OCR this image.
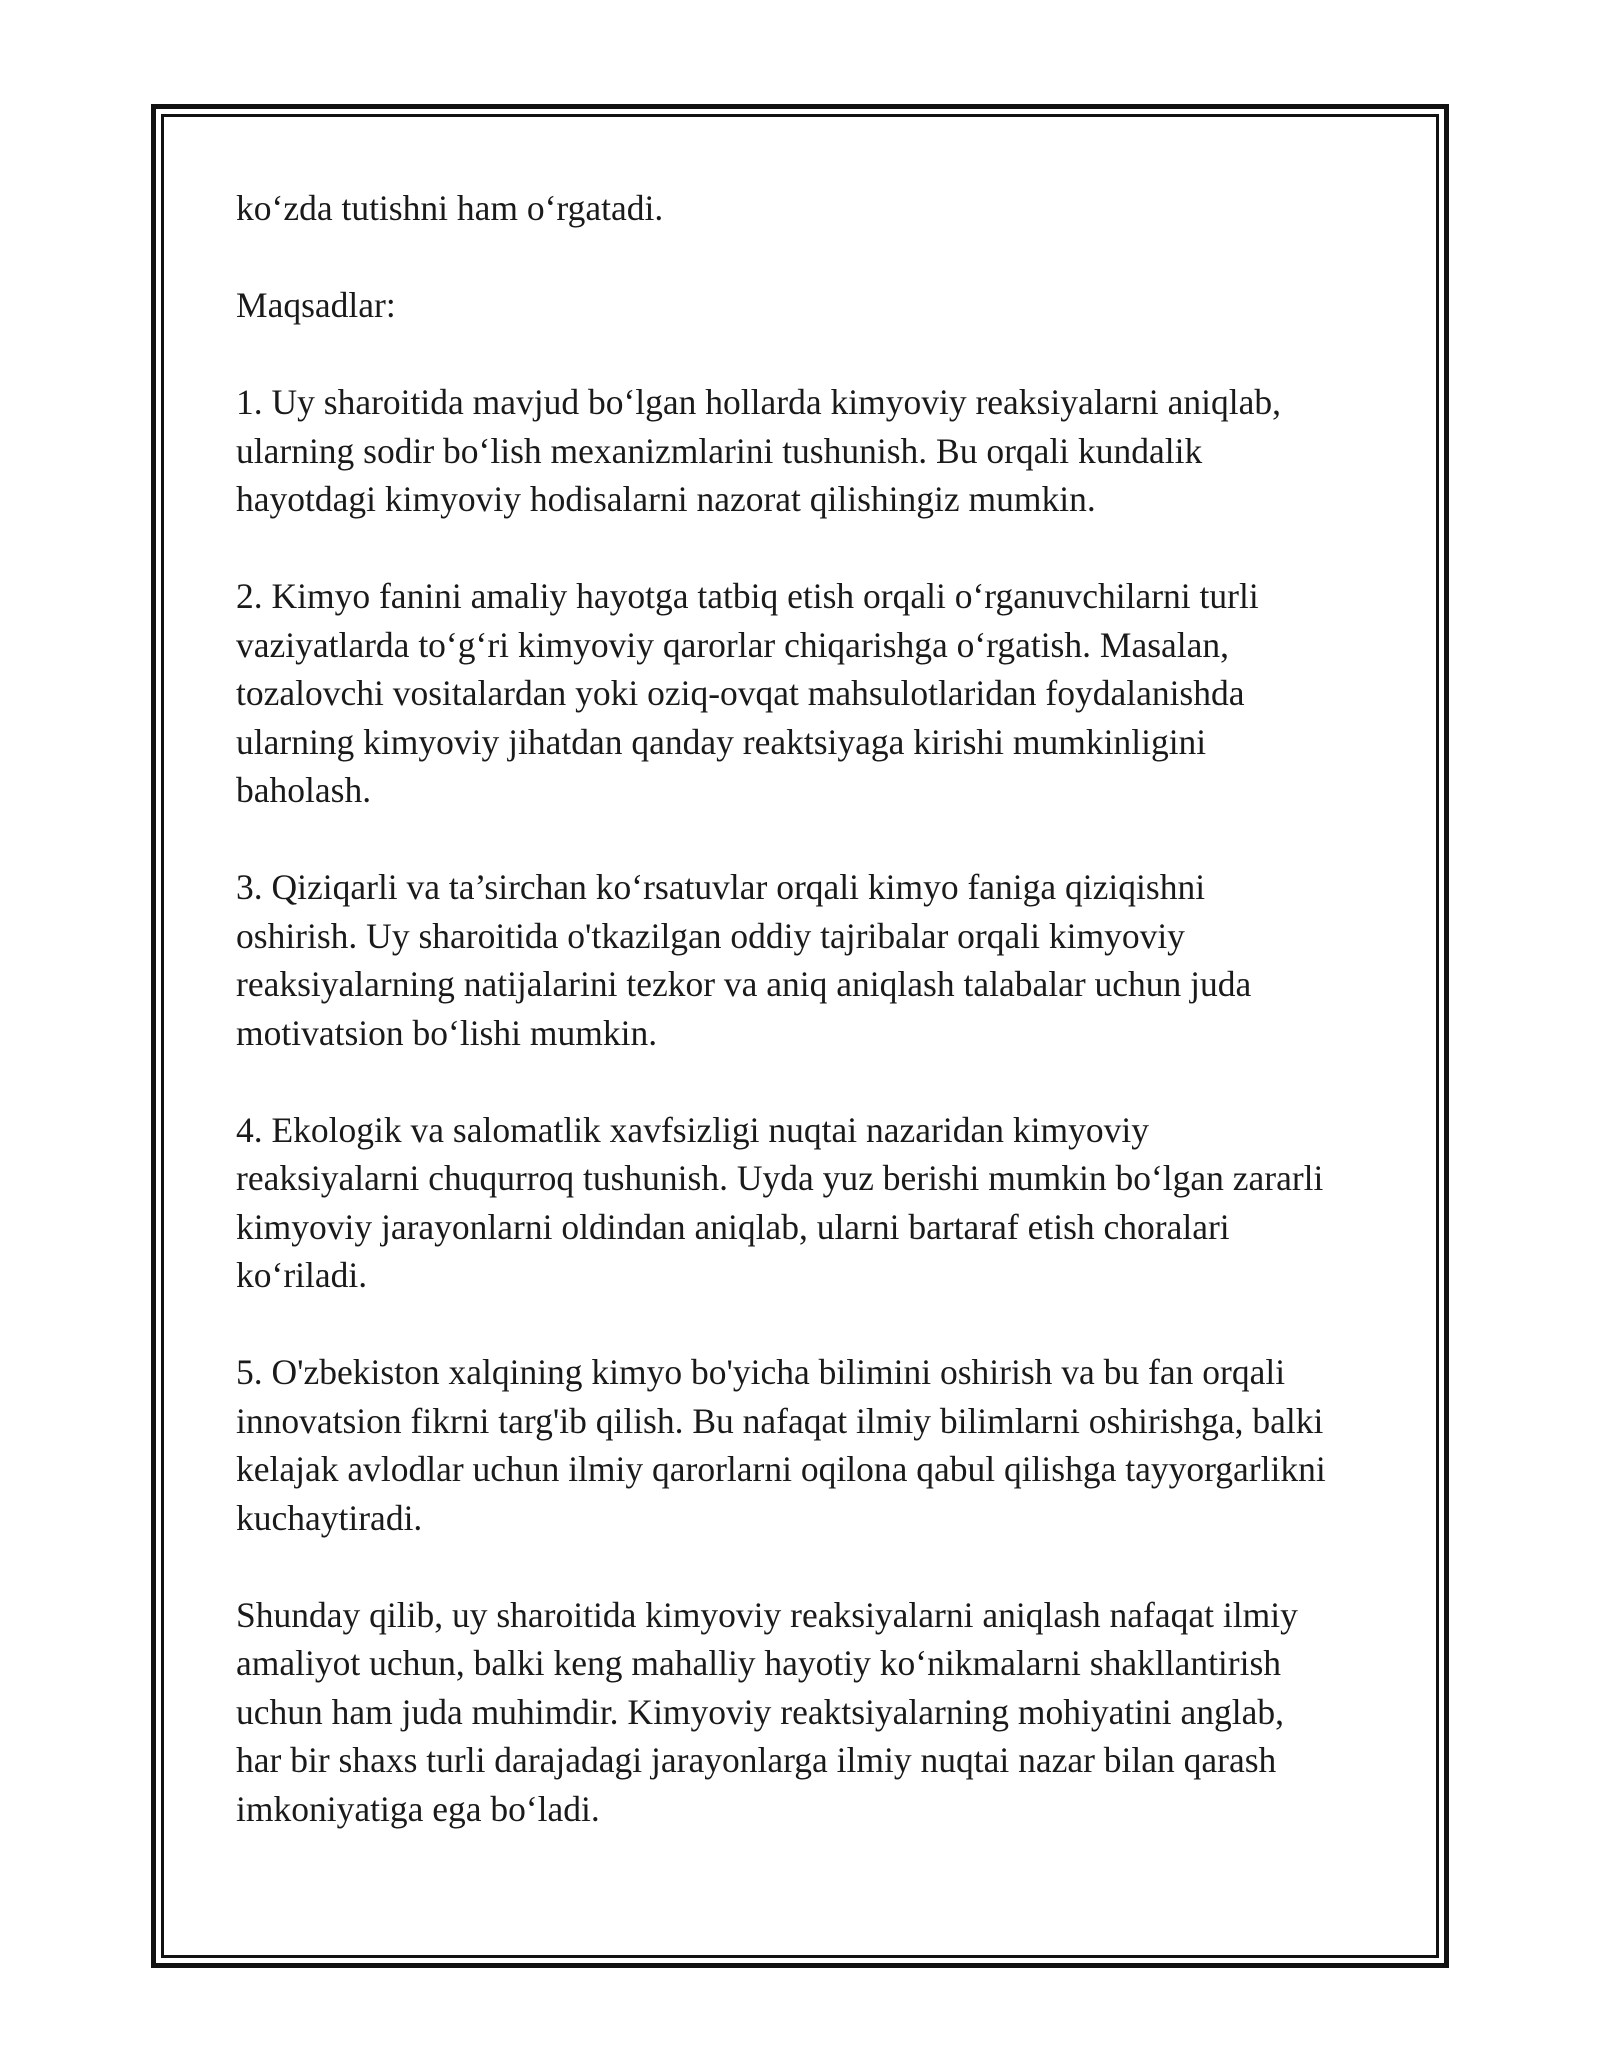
ko‘zda tutishni ham o‘rgatadi.

Maqsadlar:

1. Uy sharoitida mavjud bo‘lgan hollarda kimyoviy reaksiyalarni aniqlab,
ularning sodir bo‘lish mexanizmlarini tushunish. Bu orqali kundalik
hayotdagi kimyoviy hodisalarni nazorat qilishingiz mumkin.

2. Kimyo fanini amaliy hayotga tatbiq etish orqali o‘rganuvchilarni turli
vaziyatlarda to‘g‘ri kimyoviy qarorlar chiqarishga o‘rgatish. Masalan,
tozalovchi vositalardan yoki oziq-ovqat mahsulotlaridan foydalanishda
ularning kimyoviy jihatdan qanday reaktsiyaga kirishi mumkinligini
baholash.

3. Qiziqarli va ta’sirchan ko‘rsatuvlar orqali kimyo faniga qiziqishni
oshirish. Uy sharoitida o'tkazilgan oddiy tajribalar orqali kimyoviy
reaksiyalarning natijalarini tezkor va aniq aniqlash talabalar uchun juda
motivatsion bo‘lishi mumkin.

4. Ekologik va salomatlik xavfsizligi nuqtai nazaridan kimyoviy
reaksiyalarni chuqurroq tushunish. Uyda yuz berishi mumkin bo‘lgan zararli
kimyoviy jarayonlarni oldindan aniqlab, ularni bartaraf etish choralari
ko‘riladi.

5. O'zbekiston xalqining kimyo bo'yicha bilimini oshirish va bu fan orqali
innovatsion fikrni targ'ib qilish. Bu nafaqat ilmiy bilimlarni oshirishga, balki
kelajak avlodlar uchun ilmiy qarorlarni oqilona qabul qilishga tayyorgarlikni
kuchaytiradi.

Shunday qilib, uy sharoitida kimyoviy reaksiyalarni aniqlash nafaqat ilmiy
amaliyot uchun, balki keng mahalliy hayotiy ko‘nikmalarni shakllantirish
uchun ham juda muhimdir. Kimyoviy reaktsiyalarning mohiyatini anglab,
har bir shaxs turli darajadagi jarayonlarga ilmiy nuqtai nazar bilan qarash
imkoniyatiga ega bo‘ladi.
